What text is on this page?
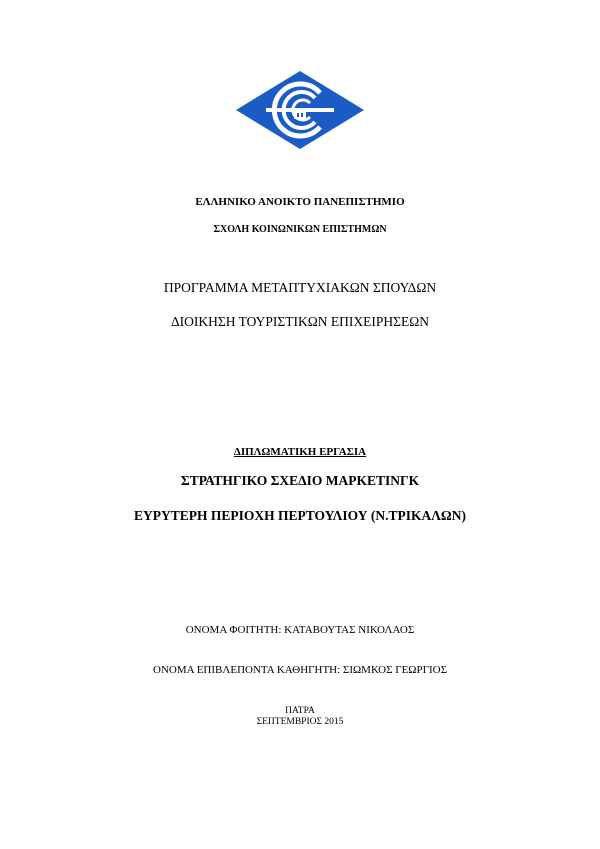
ΕΛΛΗΝΙΚΟ ΑΝΟΙΚΤΟ ΠΑΝΕΠΙΣΤΗΜΙΟ
ΣΧΟΛΗ ΚΟΙΝΩΝΙΚΩΝ ΕΠΙΣΤΗΜΩΝ
ΠΡΟΓΡΑΜΜΑ ΜΕΤΑΠΤΥΧΙΑΚΩΝ ΣΠΟΥΔΩΝ
ΔΙΟΙΚΗΣΗ ΤΟΥΡΙΣΤΙΚΩΝ ΕΠΙΧΕΙΡΗΣΕΩΝ
ΔΙΠΛΩΜΑΤΙΚΗ ΕΡΓΑΣΙΑ
ΣΤΡΑΤΗΓΙΚΟ ΣΧΕΔΙΟ ΜΑΡΚΕΤΙΝΓΚ
ΕΥΡΥΤΕΡΗ ΠΕΡΙΟΧΗ ΠΕΡΤΟΥΛΙΟΥ (Ν.ΤΡΙΚΑΛΩΝ)
ΟΝΟΜΑ ΦΟΙΤΗΤΗ: ΚΑΤΑΒΟΥΤΑΣ ΝΙΚΟΛΑΟΣ
ΟΝΟΜΑ ΕΠΙΒΛΕΠΟΝΤΑ ΚΑΘΗΓΗΤΗ: ΣΙΩΜΚΟΣ ΓΕΩΡΓΙΟΣ
ΠΑΤΡΑ
ΣΕΠΤΕΜΒΡΙΟΣ 2015
